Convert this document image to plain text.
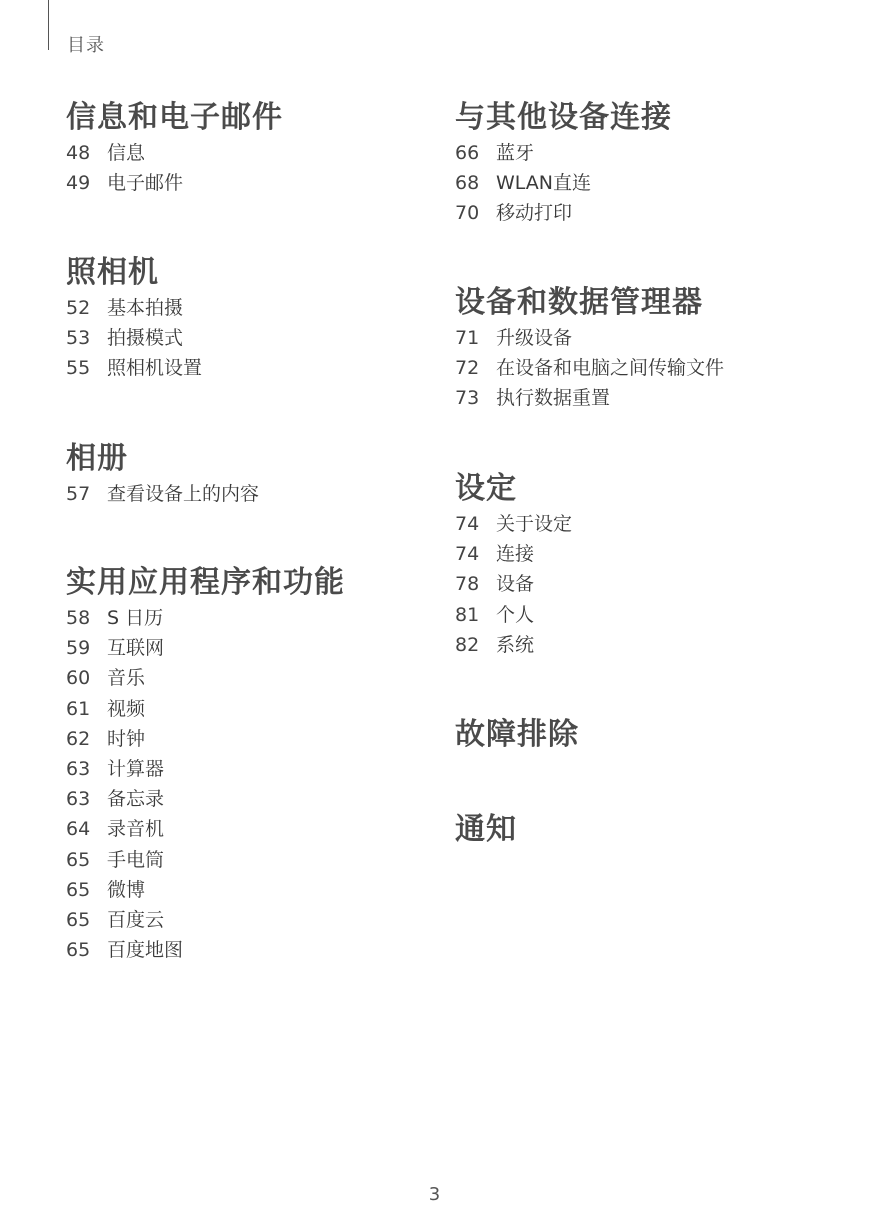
目录
信息和电子邮件
48 信息
49 电子邮件
照相机
52 基本拍摄
53 拍摄模式
55 照相机设置
相册
57 查看设备上的内容
实用应用程序和功能
58 S 日历
59 互联网
60 音乐
61 视频
62 时钟
63 计算器
63 备忘录
64 录音机
65 手电筒
65 微博
65 百度云
65 百度地图
与其他设备连接
66 蓝牙
68 WLAN直连
70 移动打印
设备和数据管理器
71 升级设备
72 在设备和电脑之间传输文件
73 执行数据重置
设定
74 关于设定
74 连接
78 设备
81 个人
82 系统
故障排除
通知
3
